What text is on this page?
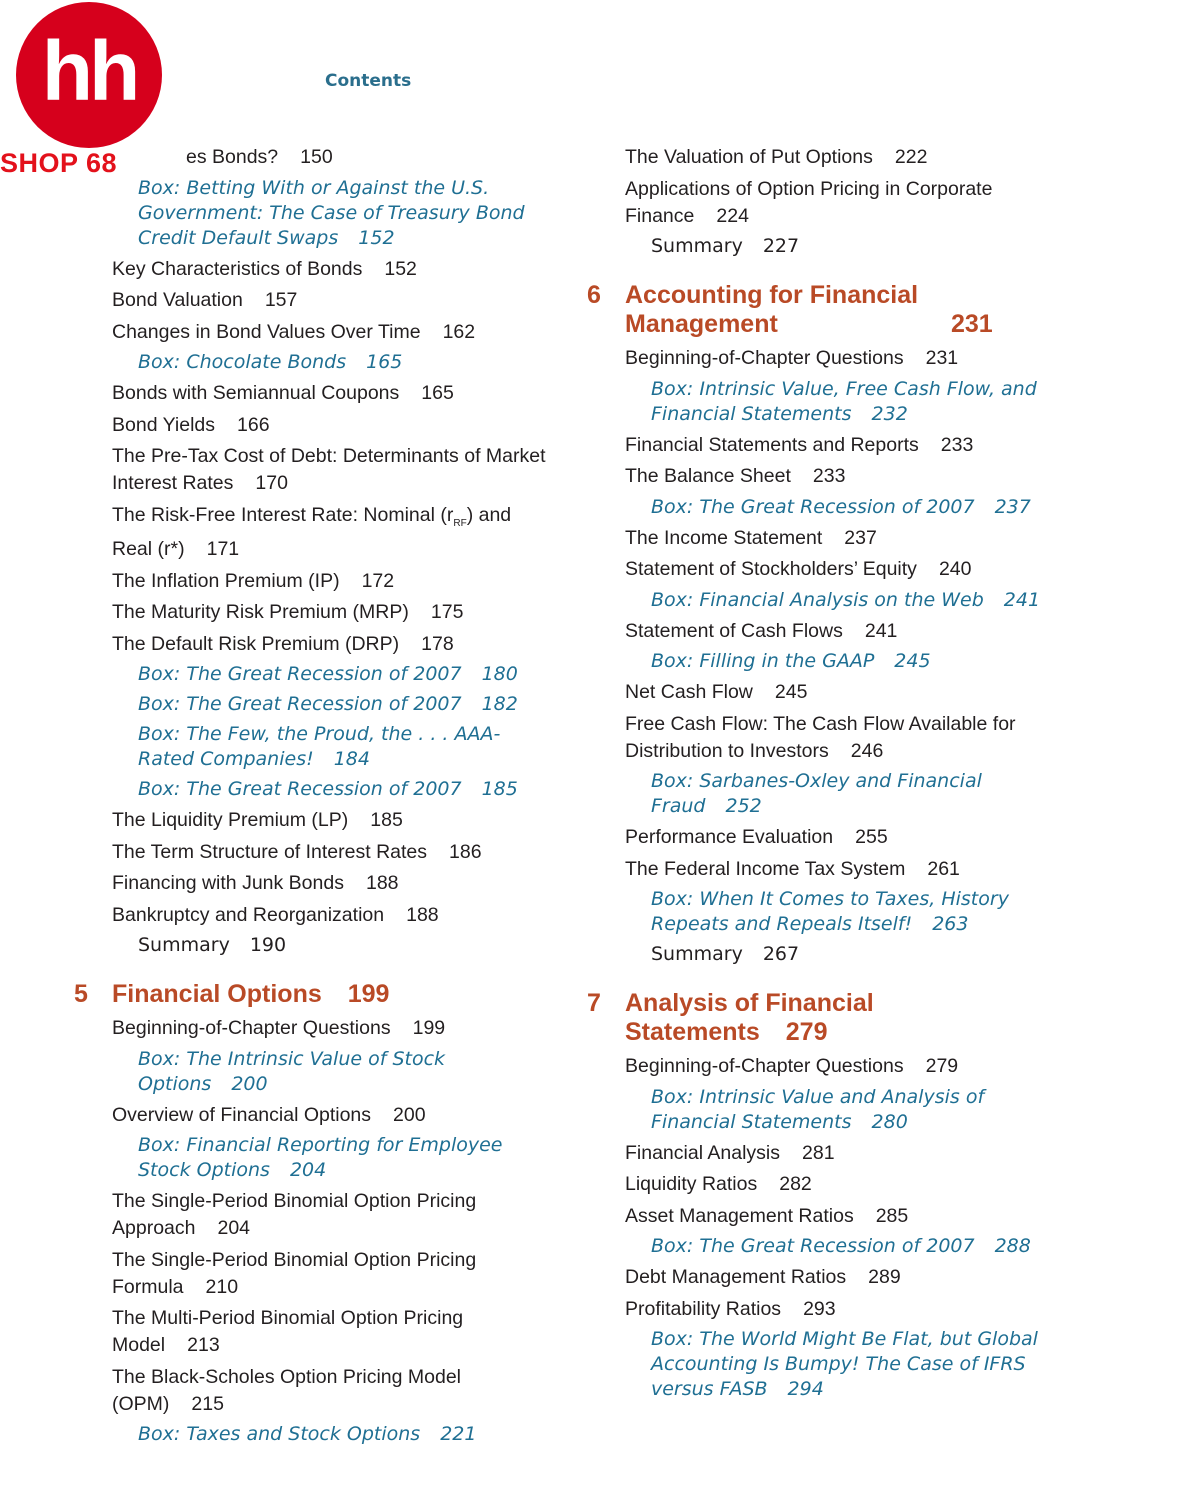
hh
SHOP 68
Contents
es Bonds? 150
Box: Betting With or Against the U.S. Government: The Case of Treasury Bond Credit Default Swaps 152
Key Characteristics of Bonds 152
Bond Valuation 157
Changes in Bond Values Over Time 162
Box: Chocolate Bonds 165
Bonds with Semiannual Coupons 165
Bond Yields 166
The Pre-Tax Cost of Debt: Determinants of Market Interest Rates 170
The Risk-Free Interest Rate: Nominal $(r_{RF})$ and Real (r*) 171
The Inflation Premium (IP) 172
The Maturity Risk Premium (MRP) 175
The Default Risk Premium (DRP) 178
Box: The Great Recession of 2007 180
Box: The Great Recession of 2007 182
Box: The Few, the Proud, the . . . AAA-Rated Companies! 184
Box: The Great Recession of 2007 185
The Liquidity Premium (LP) 185
The Term Structure of Interest Rates 186
Financing with Junk Bonds 188
Bankruptcy and Reorganization 188
Summary 190
5 Financial Options 199
Beginning-of-Chapter Questions 199
Box: The Intrinsic Value of Stock Options 200
Overview of Financial Options 200
Box: Financial Reporting for Employee Stock Options 204
The Single-Period Binomial Option Pricing Approach 204
The Single-Period Binomial Option Pricing Formula 210
The Multi-Period Binomial Option Pricing Model 213
The Black-Scholes Option Pricing Model (OPM) 215
Box: Taxes and Stock Options 221
The Valuation of Put Options 222
Applications of Option Pricing in Corporate Finance 224
Summary 227
6 Accounting for Financial Management	231
Beginning-of-Chapter Questions 231
Box: Intrinsic Value, Free Cash Flow, and Financial Statements 232
Financial Statements and Reports 233
The Balance Sheet 233
Box: The Great Recession of 2007 237
The Income Statement 237
Statement of Stockholders’ Equity 240
Box: Financial Analysis on the Web 241
Statement of Cash Flows 241
Box: Filling in the GAAP 245
Net Cash Flow 245
Free Cash Flow: The Cash Flow Available for Distribution to Investors 246
Box: Sarbanes-Oxley and Financial Fraud 252
Performance Evaluation 255
The Federal Income Tax System 261
Box: When It Comes to Taxes, History Repeats and Repeals Itself! 263
Summary 267
7 Analysis of Financial Statements 279
Beginning-of-Chapter Questions 279
Box: Intrinsic Value and Analysis of Financial Statements 280
Financial Analysis 281
Liquidity Ratios 282
Asset Management Ratios 285
Box: The Great Recession of 2007 288
Debt Management Ratios 289
Profitability Ratios 293
Box: The World Might Be Flat, but Global Accounting Is Bumpy! The Case of IFRS versus FASB 294
